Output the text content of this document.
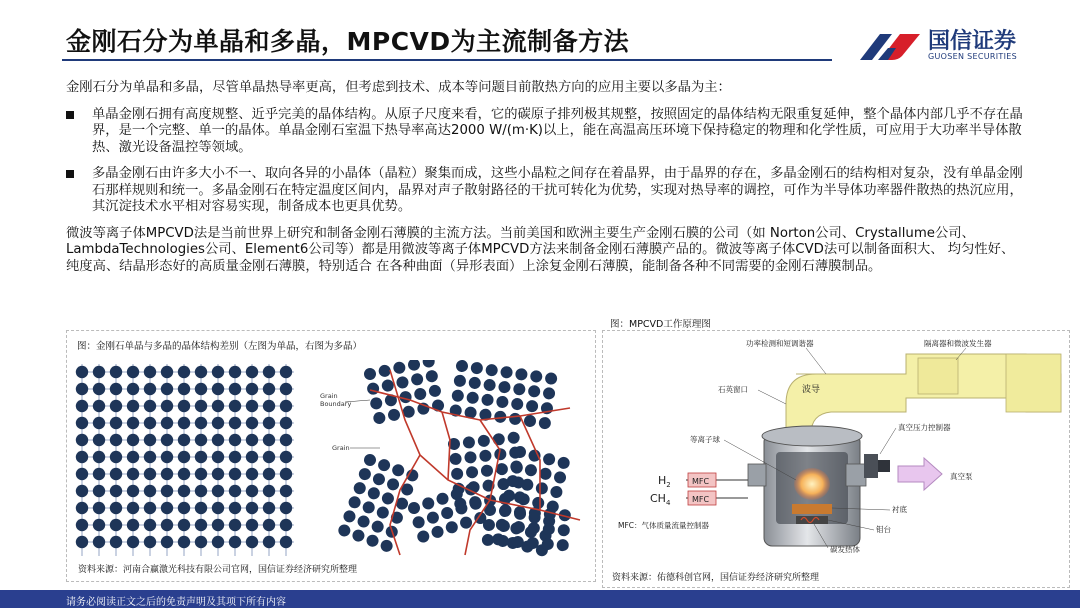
金刚石分为单晶和多晶，MPCVD为主流制备方法	国信证券
GUOSEN SECURITIES

金刚石分为单晶和多晶，尽管单晶热导率更高，但考虑到技术、成本等问题目前散热方向的应用主要以多晶为主：

单晶金刚石拥有高度规整、近乎完美的晶体结构。从原子尺度来看，它的碳原子排列极其规整，按照固定的晶体结构无限重复延伸，整个晶体内部几乎不存在晶界，是一个完整、单一的晶体。单晶金刚石室温下热导率高达2000 W/(m·K)以上，能在高温高压环境下保持稳定的物理和化学性质，可应用于大功率半导体散热、激光设备温控等领域。
多晶金刚石由许多大小不一、取向各异的小晶体（晶粒）聚集而成，这些小晶粒之间存在着晶界，由于晶界的存在，多晶金刚石的结构相对复杂，没有单晶金刚石那样规则和统一。多晶金刚石在特定温度区间内，晶界对声子散射路径的干扰可转化为优势，实现对热导率的调控，可作为半导体功率器件散热的热沉应用，其沉淀技术水平相对容易实现，制备成本也更具优势。

微波等离子体MPCVD法是当前世界上研究和制备金刚石薄膜的主流方法。当前美国和欧洲主要生产金刚石膜的公司（如 Norton公司、Crystallume公司、LambdaTechnologies公司、Element6公司等）都是用微波等离子体MPCVD方法来制备金刚石薄膜产品的。微波等离子体CVD法可以制备面积大、 均匀性好、纯度高、结晶形态好的高质量金刚石薄膜，特别适合 在各种曲面（异形表面）上涂复金刚石薄膜，能制备各种不同需要的金刚石薄膜制品。

图：金刚石单晶与多晶的晶体结构差别（左图为单晶，右图为多晶）
Grain
Boundary
Grain
资料来源：河南合赢激光科技有限公司官网，国信证券经济研究所整理
图：MPCVD工作原理图
MFC
MFC
$H_2$
$CH_4$
功率检测和短调谐器	隔离器和微波发生器
石英窗口	波导
真空压力控制器
等离子球
真空泵
衬底
MFC：气体质量流量控制器	钼台
碳发热体
资料来源：佑德科创官网，国信证券经济研究所整理
请务必阅读正文之后的免责声明及其项下所有内容
